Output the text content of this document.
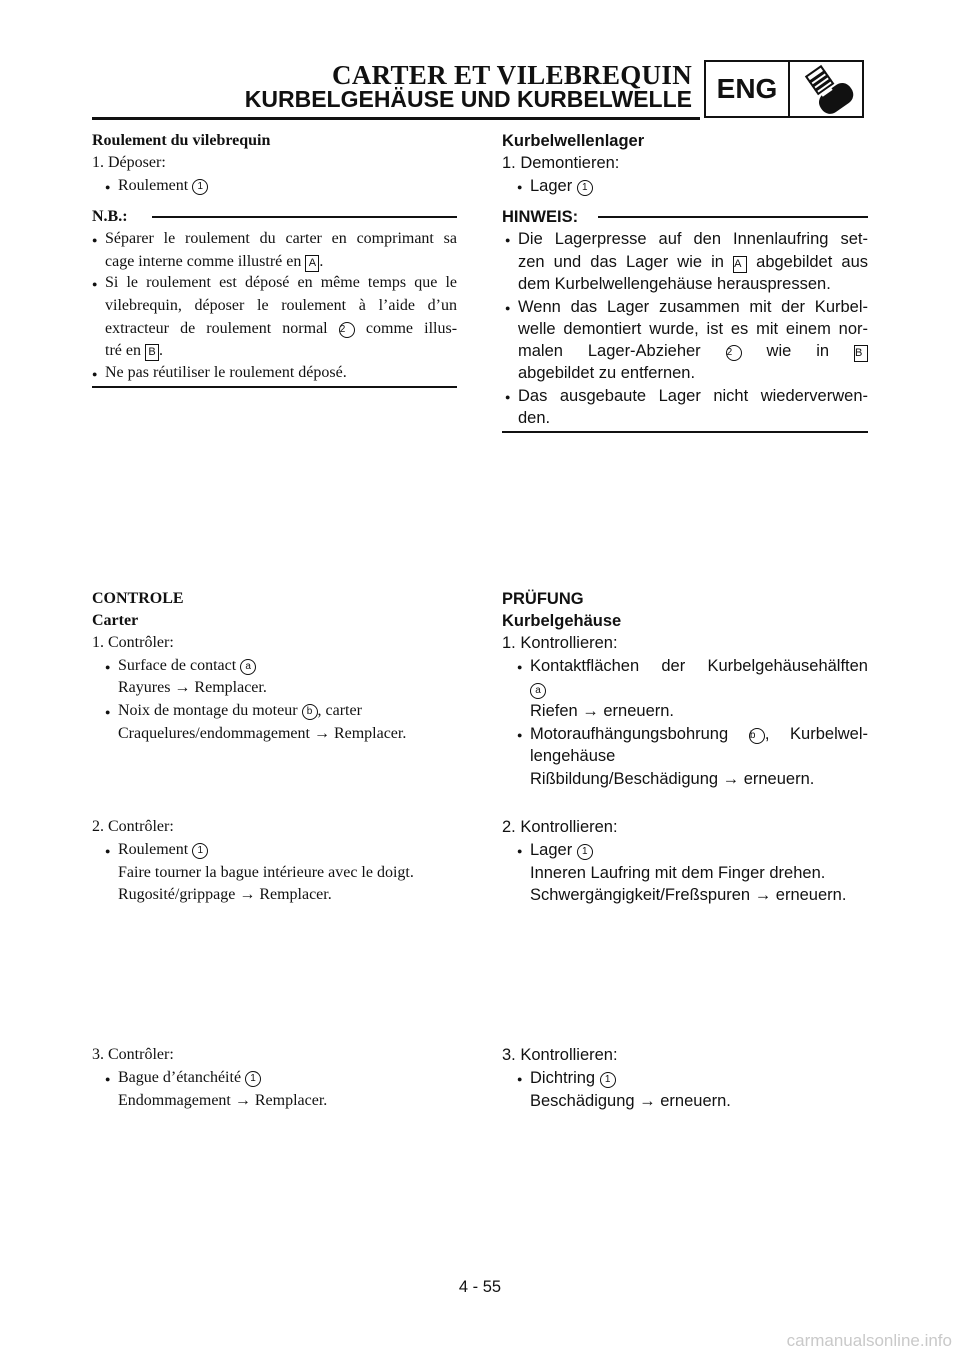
CARTER ET VILEBREQUIN
KURBELGEHÄUSE UND KURBELWELLE ENG
Roulement du vilebrequin
1. Déposer:
● Roulement 1
N.B.:
● Séparer le roulement du carter en comprimant sa
cage interne comme illustré en A .
● Si le roulement est déposé en même temps que le
vilebrequin, déposer le roulement à l’aide d’un
extracteur de roulement normal 2 comme illus-
tré en B .
● Ne pas réutiliser le roulement déposé.
CONTROLE
Carter
1. Contrôler:
● Surface de contact a
Rayures → Remplacer.
● Noix de montage du moteur b , carter
Craquelures/endommagement → Remplacer.
2. Contrôler:
● Roulement 1
Faire tourner la bague intérieure avec le doigt.
Rugosité/grippage → Remplacer.
3. Contrôler:
● Bague d’étanchéité 1
Endommagement → Remplacer.
Kurbelwellenlager
1. Demontieren:
● Lager 1
HINWEIS:
● Die Lagerpresse auf den Innenlaufring set-
zen und das Lager wie in A abgebildet aus
dem Kurbelwellengehäuse herauspressen.
● Wenn das Lager zusammen mit der Kurbel-
welle demontiert wurde, ist es mit einem nor-
malen Lager-Abzieher	2 wie in B
abgebildet zu entfernen.
● Das ausgebaute Lager nicht wiederverwen-
den.
PRÜFUNG
Kurbelgehäuse
1. Kontrollieren:
● Kontaktflächen der Kurbelgehäusehälften
a
Riefen → erneuern.
● Motoraufhängungsbohrung b , Kurbelwel-
lengehäuse
Rißbildung/Beschädigung → erneuern.
2. Kontrollieren:
● Lager 1
Inneren Laufring mit dem Finger drehen.
Schwergängigkeit/Freßspuren → erneuern.
3. Kontrollieren:
● Dichtring 1
Beschädigung → erneuern.
4 - 55
carmanualsonline.info
